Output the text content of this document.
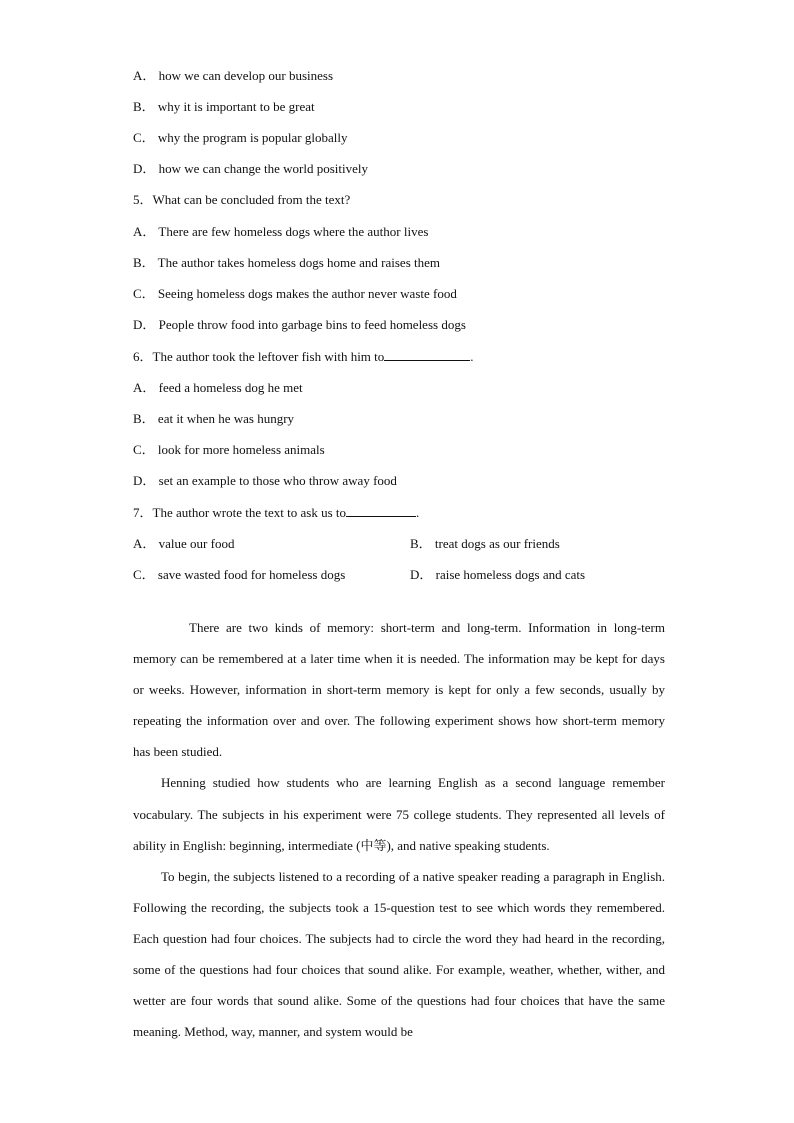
A． how we can develop our business
B． why it is important to be great
C． why the program is popular globally
D． how we can change the world positively
5．What can be concluded from the text?
A． There are few homeless dogs where the author lives
B． The author takes homeless dogs home and raises them
C． Seeing homeless dogs makes the author never waste food
D． People throw food into garbage bins to feed homeless dogs
6．The author took the leftover fish with him to	.
A． feed a homeless dog he met
B． eat it when he was hungry
C． look for more homeless animals
D． set an example to those who throw away food
7．The author wrote the text to ask us to	.
A． value our food	B． treat dogs as our friends
C． save wasted food for homeless dogs	D． raise homeless dogs and cats

There are two kinds of memory: short-term and long-term. Information in long-term memory can be remembered at a later time when it is needed. The information may be kept for days or weeks. However, information in short-term memory is kept for only a few seconds, usually by repeating the information over and over. The following experiment shows how short-term memory has been studied.

Henning studied how students who are learning English as a second language remember vocabulary. The subjects in his experiment were 75 college students. They represented all levels of ability in English: beginning, intermediate (中等), and native speaking students.

To begin, the subjects listened to a recording of a native speaker reading a paragraph in English. Following the recording, the subjects took a 15-question test to see which words they remembered. Each question had four choices. The subjects had to circle the word they had heard in the recording, some of the questions had four choices that sound alike. For example, weather, whether, wither, and wetter are four words that sound alike. Some of the questions had four choices that have the same meaning. Method, way, manner, and system would be
